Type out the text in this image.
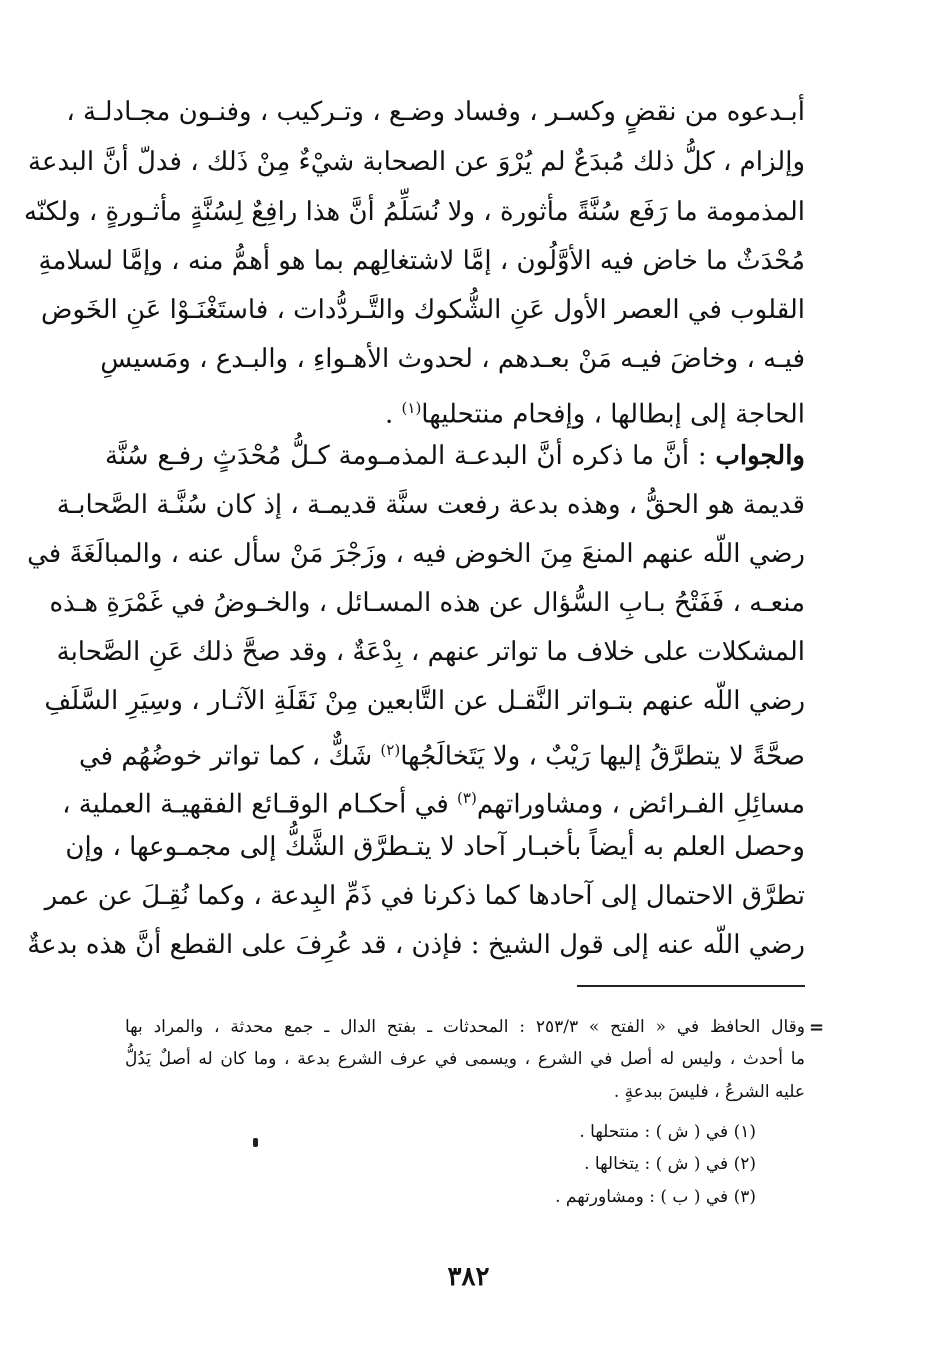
أبـدعوه من نقضٍ وكسـر ، وفساد وضـع ، وتـركيب ، وفنـون مجـادلـة ،
وإلزام ، كلُّ ذلك مُبدَعٌ لم يُرْوَ عن الصحابة شيْءٌ مِنْ ذَلك ، فدلّ أنَّ البدعة
المذمومة ما رَفَع سُنَّةً مأثورة ، ولا نُسَلِّمُ أنَّ هذا رافِعٌ لِسُنَّةٍ مأثـورةٍ ، ولكنّه
مُحْدَثٌ ما خاض فيه الأوَّلُون ، إمَّا لاشتغالِهم بما هو أهمُّ منه ، وإمَّا لسلامةِ
القلوب في العصر الأول عَنِ الشُّكوك والتَّـردُّدات ، فاستَغْنَـوْا عَنِ الخَوض
فيـه ، وخاضَ فيـه مَنْ بعـدهم ، لحدوث الأهـواءِ ، والبـدع ، ومَسيسِ
الحاجة إلى إبطالها ، وإفحام منتحليها$^{(١)}$ .
والجواب : أنَّ ما ذكره أنَّ البدعـة المذمـومة كـلُّ مُحْدَثٍ رفـع سُنَّة
قديمة هو الحقُّ ، وهذه بدعة رفعت سنَّة قديمـة ، إذ كان سُنَّـة الصَّحابـة
رضي اللّه عنهم المنعَ مِنَ الخوض فيه ، وزَجْرَ مَنْ سأل عنه ، والمبالَغَةَ في
منعـه ، فَفَتْحُ بـابِ السُّؤال عن هذه المسـائل ، والخـوضُ في غَمْرَةِ هـذه
المشكلات على خلاف ما تواتر عنهم ، بِدْعَةٌ ، وقد صحَّ ذلك عَنِ الصَّحابة
رضي اللّه عنهم بتـواتر النَّقـل عن التَّابعين مِنْ نَقَلَةِ الآثـار ، وسِيَرِ السَّلَفِ
صحَّةً لا يتطرَّقُ إليها رَيْبٌ ، ولا يَتَخالَجُها$^{(٢)}$ شَكٌّ ، كما تواتر خوضُهُم في
مسائِلِ الفـرائض ، ومشاوراتهم$^{(٣)}$ في أحكـام الوقـائع الفقهيـة العملية ،
وحصل العلم به أيضاً بأخبـار آحاد لا يتـطرَّق الشَّكُّ إلى مجمـوعها ، وإن
تطرَّق الاحتمال إلى آحادها كما ذكرنا في ذَمِّ البِدعة ، وكما نُقِـلَ عن عمر
رضي اللّه عنه إلى قول الشيخ : فإذن ، قد عُرِفَ على القطع أنَّ هذه بدعةٌ
=
وقال الحافظ في « الفتح » ٢٥٣/٣ : المحدثات ـ بفتح الدال ـ جمع محدثة ، والمراد بها
ما أحدث ، وليس له أصل في الشرع ، ويسمى في عرف الشرع بدعة ، وما كان له أصلٌ يَدُلُّ
عليه الشرعُ ، فليسَ ببدعةٍ .
(١) في ( ش ) : منتحلها .
(٢) في ( ش ) : يتخالها .
(٣) في ( ب ) : ومشاورتهم .
٣٨٢
